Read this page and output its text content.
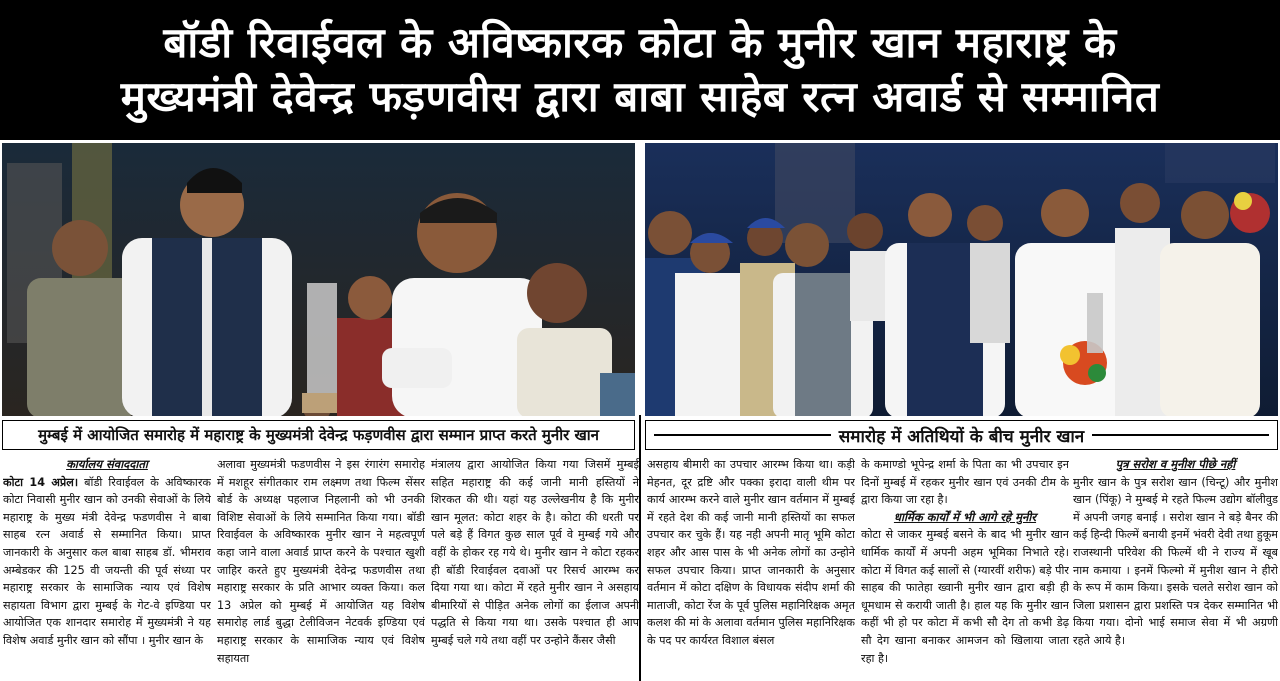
बॉडी रिवाईवल के अविष्कारक कोटा के मुनीर खान महाराष्ट्र के
मुख्यमंत्री देवेन्द्र फड़णवीस द्वारा बाबा साहेब रत्न अवार्ड से सम्मानित
मुम्बई में आयोजित समारोह में महाराष्ट्र के मुख्यमंत्री देवेन्द्र फड़णवीस द्वारा सम्मान प्राप्त करते मुनीर खान	समारोह में अतिथियों के बीच मुनीर खान

कार्यालय संवाददाता

कोटा 14 अप्रेल। बॉडी रिवाईवल के अविष्कारक कोटा निवासी मुनीर खान को उनकी सेवाओं के लिये महाराष्ट्र के मुख्य मंत्री देवेन्द्र फडणवीस ने बाबा साहब रत्न अवार्ड से सम्मानित किया। प्राप्त जानकारी के अनुसार कल बाबा साहब डॉ. भीमराव अम्बेडकर की 125 वी जयन्ती की पूर्व संध्या पर महाराष्ट्र सरकार के सामाजिक न्याय एवं विशेष सहायता विभाग द्वारा मुम्बई के गेट-वे इण्डिया पर आयोजित एक शानदार समारोह में मुख्यमंत्री ने यह विशेष अवार्ड मुनीर खान को सौंपा । मुनीर खान के

अलावा मुख्यमंत्री फडणवीस ने इस रंगारंग समारोह में मशहूर संगीतकार राम लक्ष्मण तथा फिल्म सेंसर बोर्ड के अध्यक्ष पहलाज निहलानी को भी उनकी विशिष्ट सेवाओं के लिये सम्मानित किया गया। बॉडी रिवाईवल के अविष्कारक मुनीर खान ने महत्वपूर्ण कहा जाने वाला अवार्ड प्राप्त करने के पश्चात खुशी जाहिर करते हुए मुख्यमंत्री देवेन्द्र फडणवीस तथा महाराष्ट्र सरकार के प्रति आभार व्यक्त किया। कल 13 अप्रेल को मुम्बई में आयोजित यह विशेष समारोह लार्ड बुद्धा टेलीविजन नेटवर्क इण्डिया एवं महाराष्ट्र सरकार के सामाजिक न्याय एवं विशेष सहायता

मंत्रालय द्वारा आयोजित किया गया जिसमें मुम्बई सहित महाराष्ट्र की कई जानी मानी हस्तियों ने शिरकत की थी। यहां यह उल्लेखनीय है कि मुनीर खान मूलत: कोटा शहर के है। कोटा की धरती पर पले बड़े हैं विगत कुछ साल पूर्व वे मुम्बई गये और वहीं के होकर रह गये थे। मुनीर खान ने कोटा रहकर ही बॉडी रिवाईवल दवाओं पर रिसर्च आरम्भ कर दिया गया था। कोटा में रहते मुनीर खान ने असहाय बीमारियों से पीड़ित अनेक लोगों का ईलाज अपनी पद्धति से किया गया था। उसके पश्चात ही आप मुम्बई चले गये तथा वहीं पर उन्होने कैंसर जैसी

असहाय बीमारी का उपचार आरम्भ किया था। कड़ी मेहनत, दूर द्रष्टि और पक्का इरादा वाली थीम पर कार्य आरम्भ करने वाले मुनीर खान वर्तमान में मुम्बई में रहते देश की कई जानी मानी हस्तियों का सफल उपचार कर चुके हैं। यह नही अपनी मातृ भूमि कोटा शहर और आस पास के भी अनेक लोगों का उन्होने सफल उपचार किया। प्राप्त जानकारी के अनुसार वर्तमान में कोटा दक्षिण के विधायक संदीप शर्मा की माताजी, कोटा रेंज के पूर्व पुलिस महानिरिक्षक अमृत कलश की मां के अलावा वर्तमान पुलिस महानिरिक्षक के पद पर कार्यरत विशाल बंसल

के कमाण्डो भूपेन्द्र शर्मा के पिता का भी उपचार इन दिनों मुम्बई में रहकर मुनीर खान एवं उनकी टीम के द्वारा किया जा रहा है।

धार्मिक कार्यों में भी आगे रहे मुनीर

कोटा से जाकर मुम्बई बसने के बाद भी मुनीर खान धार्मिक कार्यों में अपनी अहम भूमिका निभाते रहे। कोटा में विगत कई सालों से (ग्यारवीं शरीफ) बड़े पीर साहब की फातेहा ख्वानी मुनीर खान द्वारा बड़ी ही धूमधाम से करायी जाती है। हाल यह कि मुनीर खान कहीं भी हो पर कोटा में कभी सौ देग तो कभी डेढ़ सौ देग खाना बनाकर आमजन को खिलाया जाता रहा है।

पुत्र सरोश व मुनीश पीछे नहीं

मुनीर खान के पुत्र सरोश खान (चिन्टू) और मुनीश खान (पिंकू) ने मुम्बई मे रहते फिल्म उद्योग बॉलीवुड में अपनी जगह बनाई । सरोश खान ने बड़े बैनर की कई हिन्दी फिल्में बनायी इनमें भंवरी देवी तथा हुकूम राजस्थानी परिवेश की फिल्में थी ने राज्य में खूब नाम कमाया । इनमें फिल्मो में मुनीश खान ने हीरो के रूप में काम किया। इसके चलते सरोश खान को जिला प्रशासन द्वारा प्रशस्ति पत्र देकर सम्मानित भी किया गया। दोनो भाई समाज सेवा में भी अग्रणी रहते आये है।
